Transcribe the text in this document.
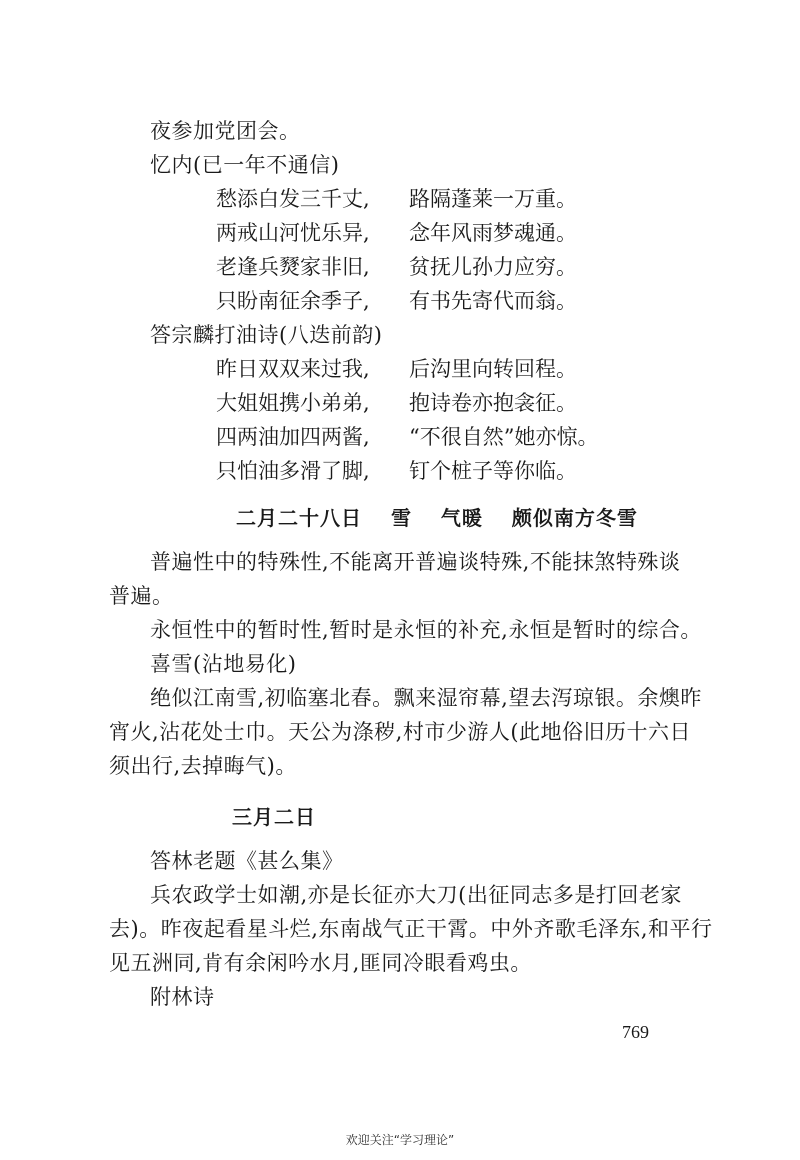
夜参加党团会。
忆内(已一年不通信)
愁添白发三千丈, 路隔蓬莱一万重。
两戒山河忧乐异, 念年风雨梦魂通。
老逢兵燹家非旧, 贫抚儿孙力应穷。
只盼南征余季子, 有书先寄代而翁。
答宗麟打油诗(八迭前韵)
昨日双双来过我, 后沟里向转回程。
大姐姐携小弟弟, 抱诗卷亦抱衾征。
四两油加四两酱, “不很自然”她亦惊。
只怕油多滑了脚, 钉个桩子等你临。
二月二十八日　 雪　 气暖　 颇似南方冬雪
普遍性中的特殊性,不能离开普遍谈特殊,不能抹煞特殊谈
普遍。
永恒性中的暂时性,暂时是永恒的补充,永恒是暂时的综合。
喜雪(沾地易化)
绝似江南雪,初临塞北春。飘来湿帘幕,望去泻琼银。余燠昨
宵火,沾花处士巾。天公为涤秽,村市少游人(此地俗旧历十六日
须出行,去掉晦气)。
三月二日
答林老题《甚么集》
兵农政学士如潮,亦是长征亦大刀(出征同志多是打回老家
去)。昨夜起看星斗烂,东南战气正干霄。中外齐歌毛泽东,和平行
见五洲同,肯有余闲吟水月,匪同冷眼看鸡虫。
附林诗
769
欢迎关注“学习理论”
